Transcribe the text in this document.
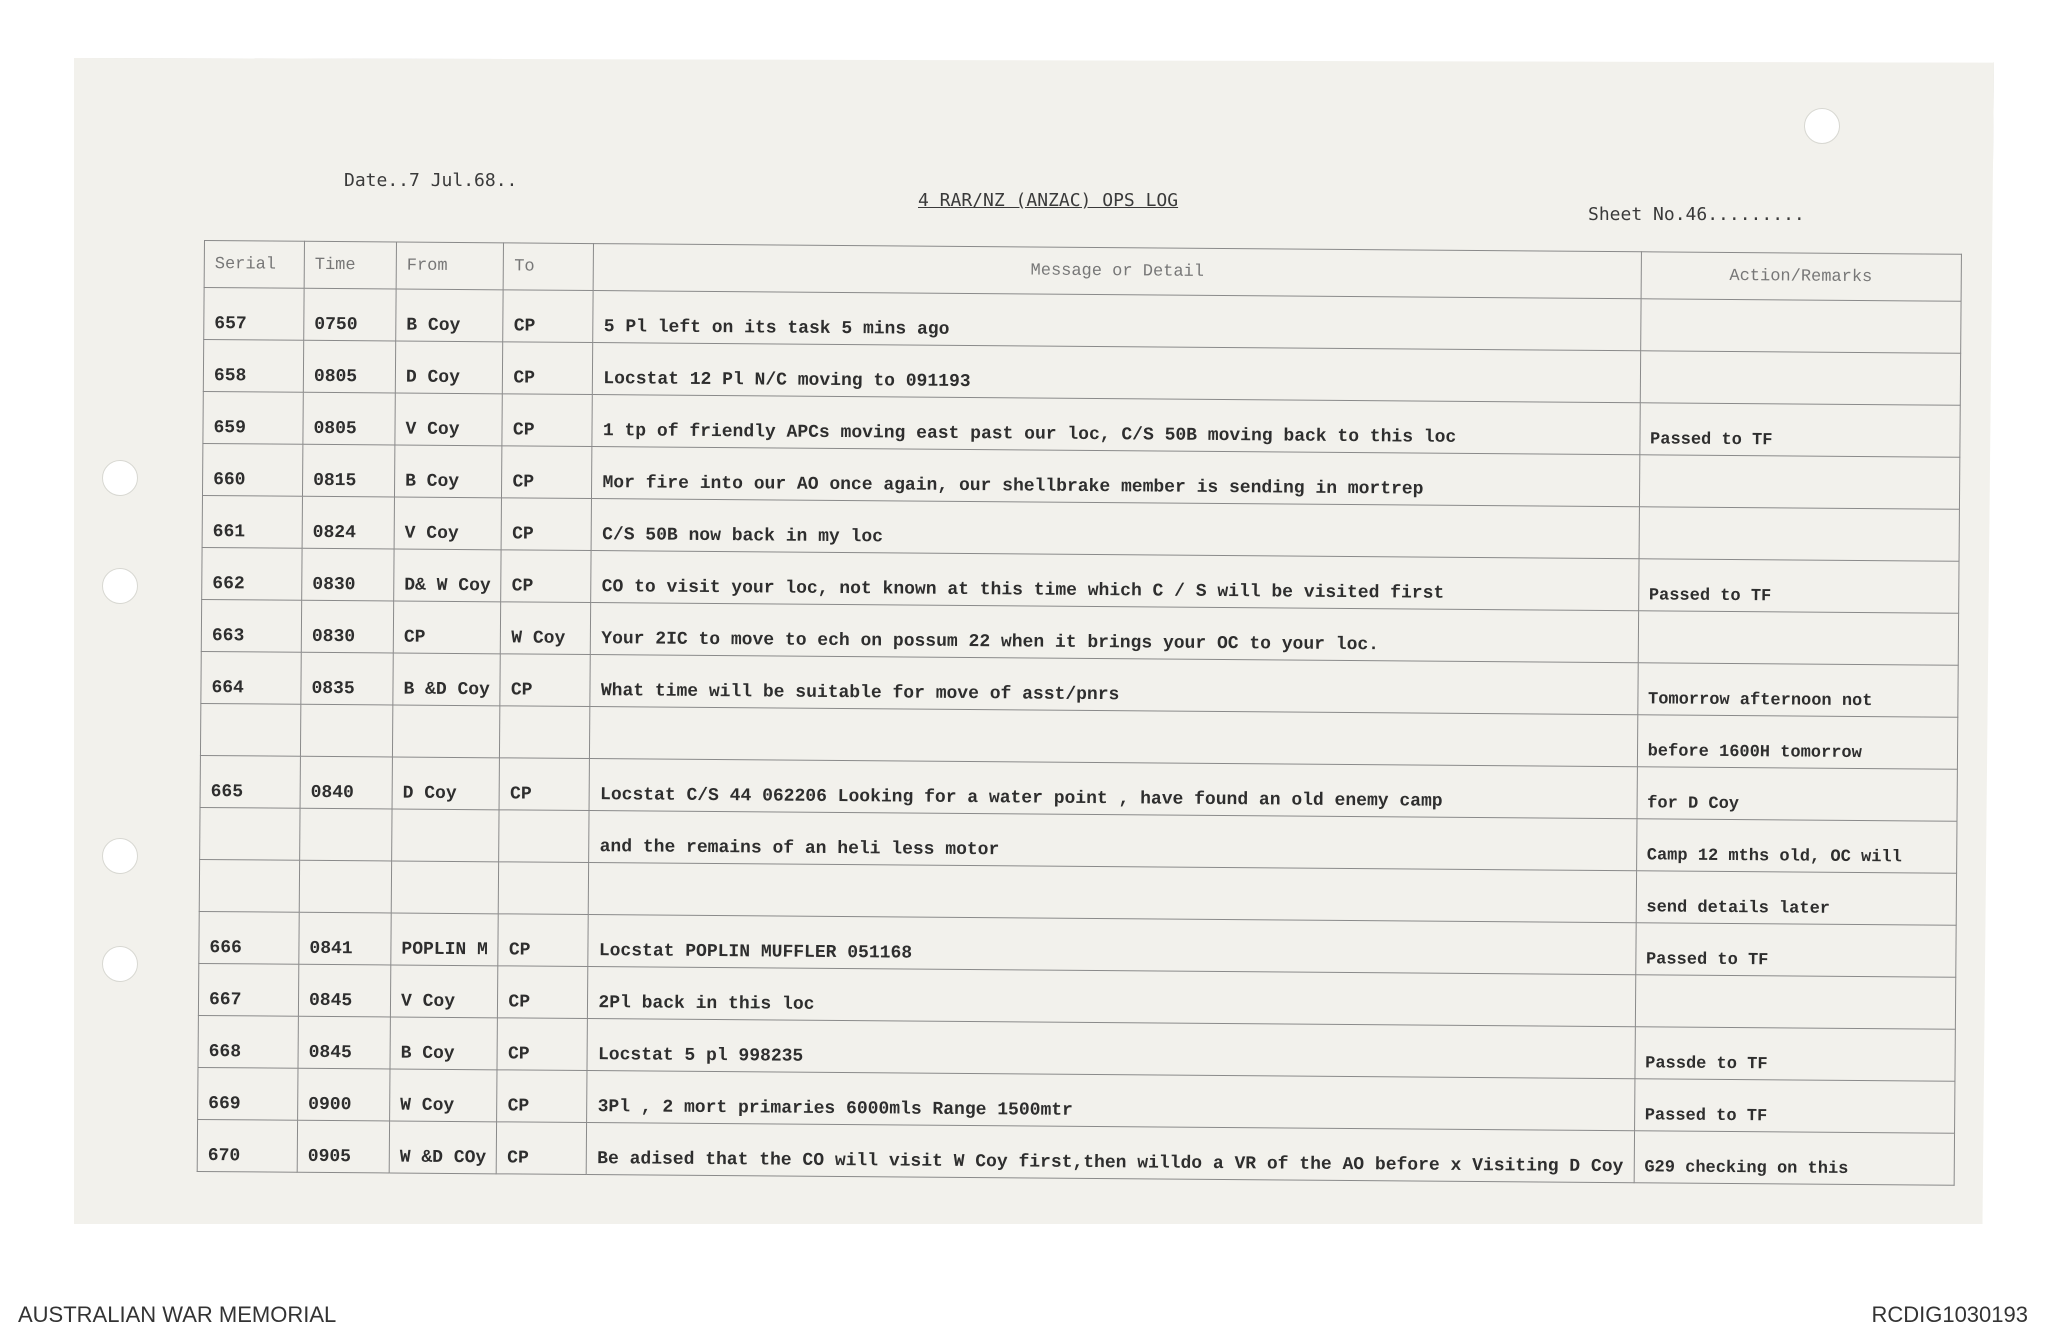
Date..7 Jul.68..
4 RAR/NZ (ANZAC) OPS LOG
Sheet No.46.........
Serial	Time	From	To	Message or Detail	Action/Remarks
657	0750	B Coy	CP	5 Pl left on its task 5 mins ago	
658	0805	D Coy	CP	Locstat 12 Pl N/C moving to 091193	
659	0805	V Coy	CP	1 tp of friendly APCs moving east past our loc, C/S 50B moving back to this loc	Passed to TF
660	0815	B Coy	CP	Mor fire into our AO once again, our shellbrake member is sending in mortrep	
661	0824	V Coy	CP	C/S 50B now back in my loc	
662	0830	D& W Coy	CP	CO to visit your loc, not known at this time which C / S will be visited first	Passed to TF
663	0830	CP	W Coy	Your 2IC to move to ech on possum 22 when it brings your OC to your loc.	
664	0835	B &D Coy	CP	What time will be suitable for move of asst/pnrs	Tomorrow afternoon not
					before 1600H tomorrow
665	0840	D Coy	CP	Locstat C/S 44 062206 Looking for a water point , have found an old enemy camp	for D Coy
				and the remains of an heli less motor	Camp 12 mths old, OC will
					send details later
666	0841	POPLIN M	CP	Locstat POPLIN MUFFLER 051168	Passed to TF
667	0845	V Coy	CP	2Pl back in this loc	
668	0845	B Coy	CP	Locstat 5 pl 998235	Passde to TF
669	0900	W Coy	CP	3Pl , 2 mort primaries 6000mls Range 1500mtr	Passed to TF
670	0905	W &D COy	CP	Be adised that the CO will visit W Coy first,then willdo a VR of the AO before x Visiting D Coy	G29 checking on this
AUSTRALIAN WAR MEMORIAL	RCDIG1030193
